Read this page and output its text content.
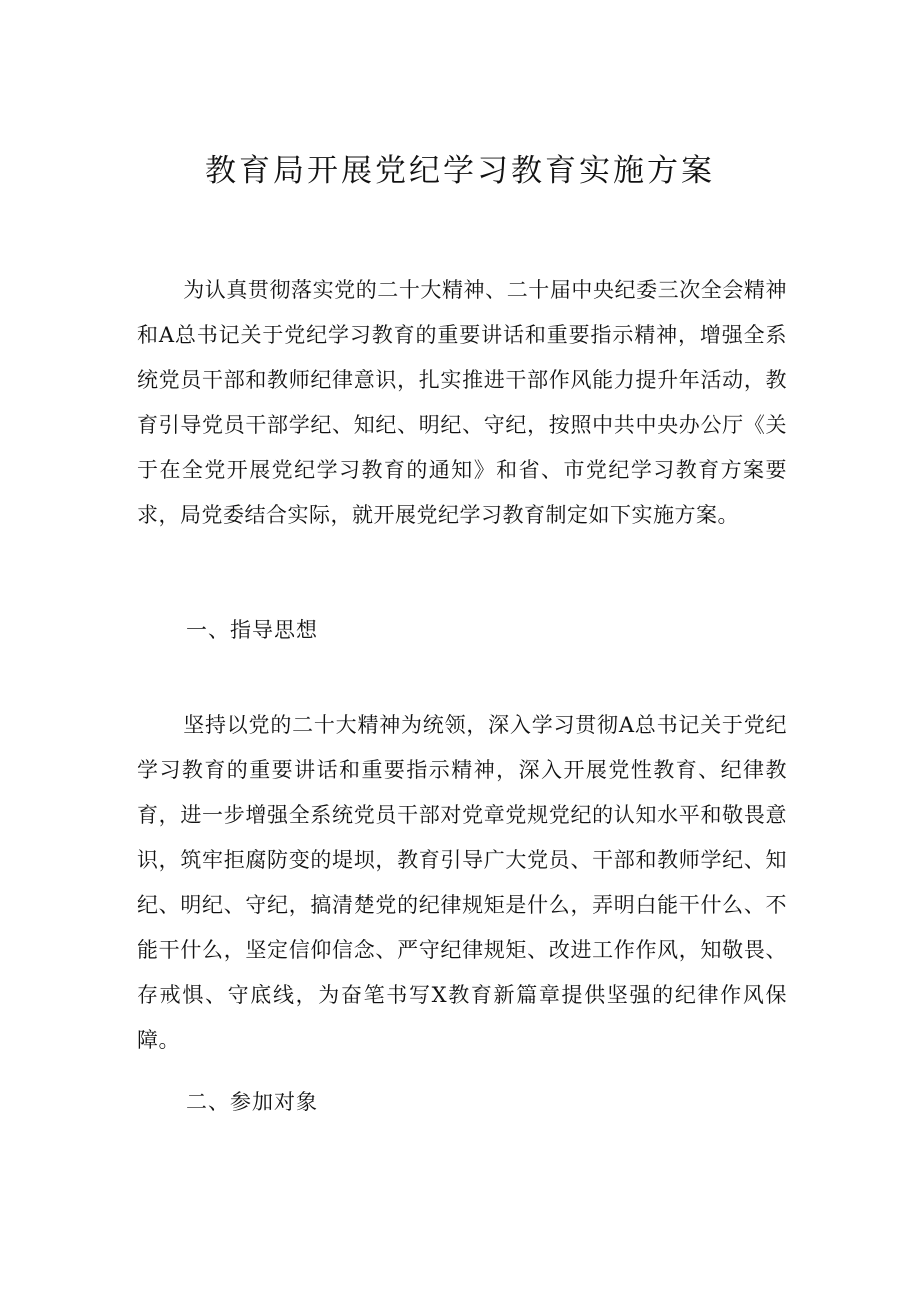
教育局开展党纪学习教育实施方案

为认真贯彻落实党的二十大精神、二十届中央纪委三次全会精神和A总书记关于党纪学习教育的重要讲话和重要指示精神，增强全系统党员干部和教师纪律意识，扎实推进干部作风能力提升年活动，教育引导党员干部学纪、知纪、明纪、守纪，按照中共中央办公厅《关于在全党开展党纪学习教育的通知》和省、市党纪学习教育方案要求，局党委结合实际，就开展党纪学习教育制定如下实施方案。

一、指导思想

坚持以党的二十大精神为统领，深入学习贯彻A总书记关于党纪学习教育的重要讲话和重要指示精神，深入开展党性教育、纪律教育，进一步增强全系统党员干部对党章党规党纪的认知水平和敬畏意识，筑牢拒腐防变的堤坝，教育引导广大党员、干部和教师学纪、知纪、明纪、守纪，搞清楚党的纪律规矩是什么，弄明白能干什么、不能干什么，坚定信仰信念、严守纪律规矩、改进工作作风，知敬畏、存戒惧、守底线，为奋笔书写X教育新篇章提供坚强的纪律作风保障。

二、参加对象
